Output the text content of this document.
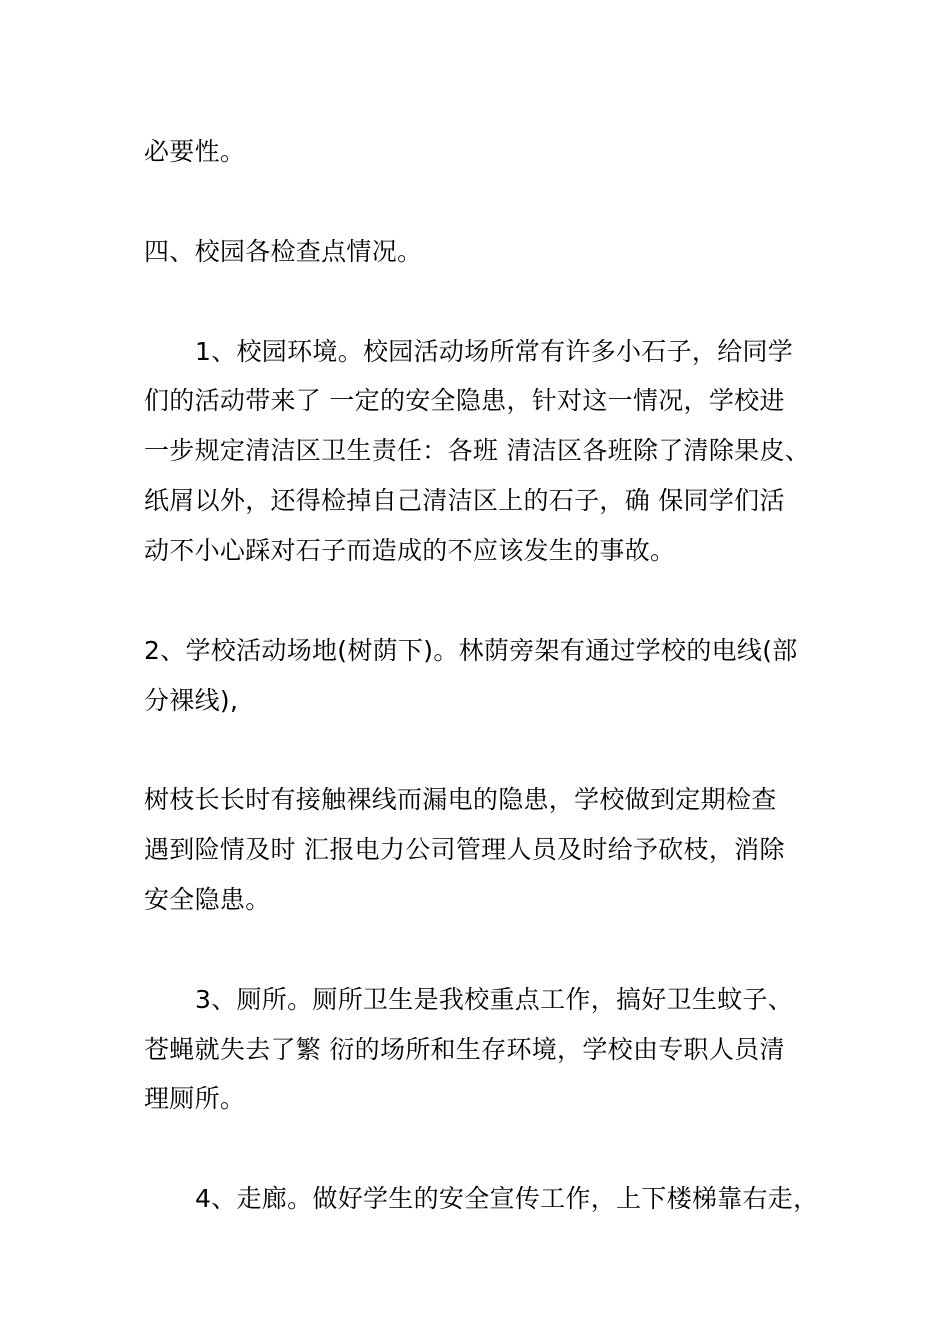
必要性。
四、校园各检查点情况。
1、校园环境。校园活动场所常有许多小石子，给同学
们的活动带来了 一定的安全隐患，针对这一情况，学校进
一步规定清洁区卫生责任：各班 清洁区各班除了清除果皮、
纸屑以外，还得检掉自己清洁区上的石子，确 保同学们活
动不小心踩对石子而造成的不应该发生的事故。
2、学校活动场地(树荫下)。林荫旁架有通过学校的电线(部
分裸线),
树枝长长时有接触裸线而漏电的隐患，学校做到定期检查
遇到险情及时 汇报电力公司管理人员及时给予砍枝，消除
安全隐患。
3、厕所。厕所卫生是我校重点工作，搞好卫生蚊子、
苍蝇就失去了繁 衍的场所和生存环境，学校由专职人员清
理厕所。
4、走廊。做好学生的安全宣传工作，上下楼梯靠右走，
